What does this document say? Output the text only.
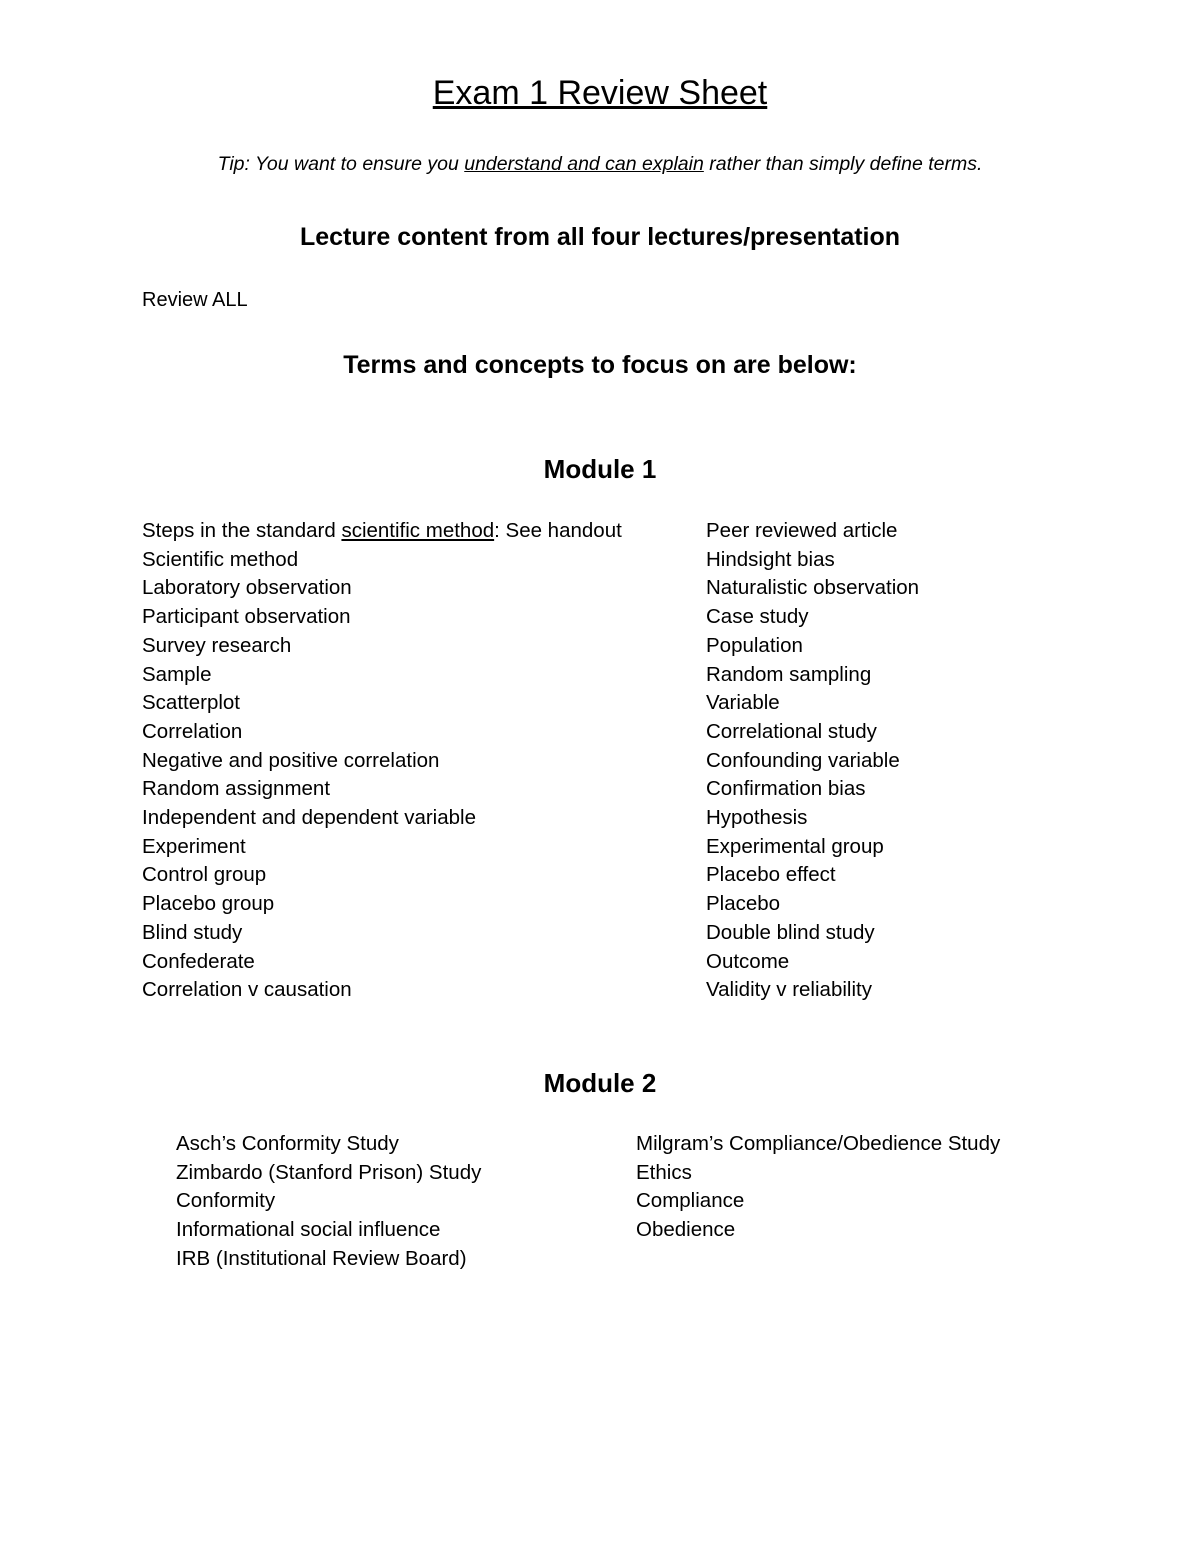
Exam 1 Review Sheet
Tip: You want to ensure you understand and can explain rather than simply define terms.
Lecture content from all four lectures/presentation
Review ALL
Terms and concepts to focus on are below:
Module 1
Steps in the standard scientific method: See handout
Scientific method
Laboratory observation
Participant observation
Survey research
Sample
Scatterplot
Correlation
Negative and positive correlation
Random assignment
Independent and dependent variable
Experiment
Control group
Placebo group
Blind study
Confederate
Correlation v causation
Peer reviewed article
Hindsight bias
Naturalistic observation
Case study
Population
Random sampling
Variable
Correlational study
Confounding variable
Confirmation bias
Hypothesis
Experimental group
Placebo effect
Placebo
Double blind study
Outcome
Validity v reliability
Module 2
Asch’s Conformity Study
Zimbardo (Stanford Prison) Study
Conformity
Informational social influence
IRB (Institutional Review Board)
Milgram’s Compliance/Obedience Study
Ethics
Compliance
Obedience
